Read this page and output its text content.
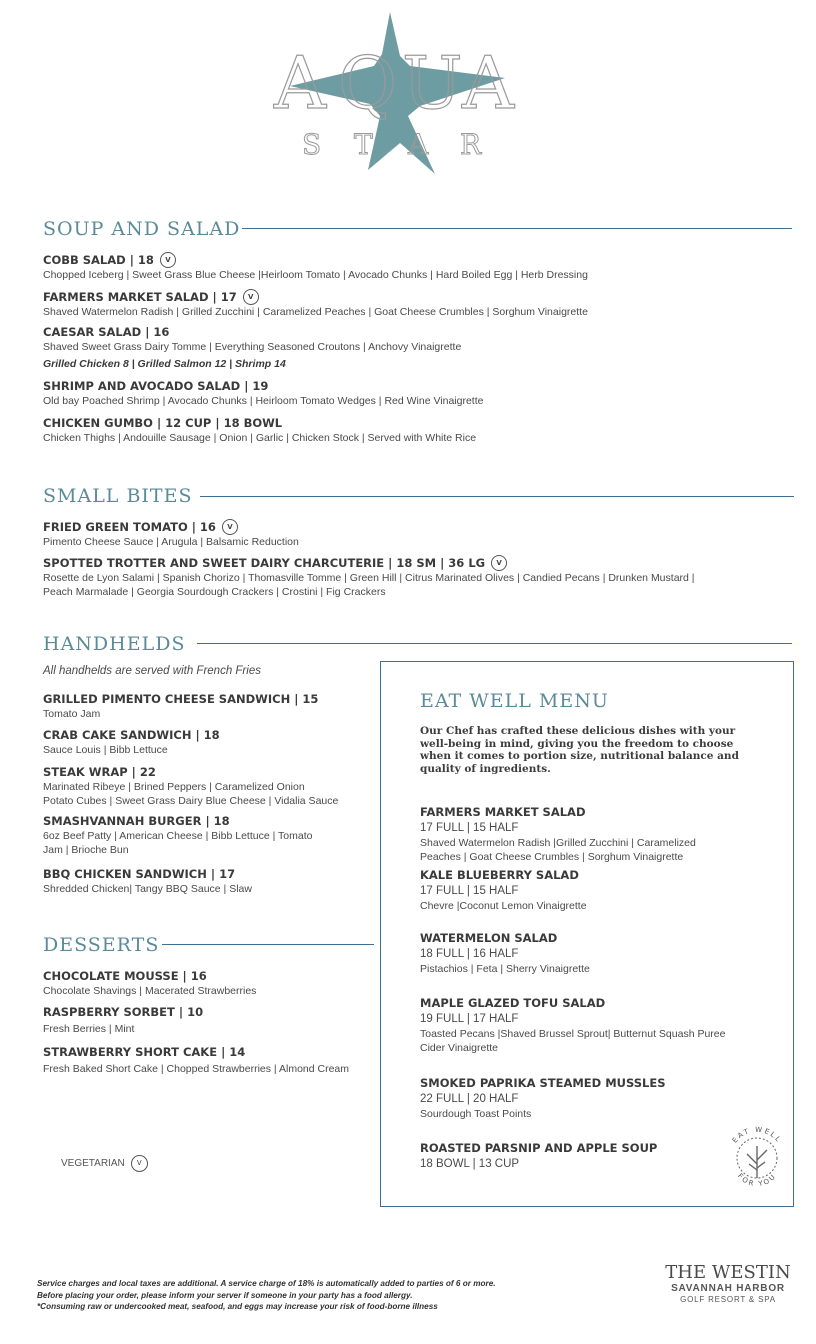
A Q U A
S T A R
SOUP AND SALAD
COBB SALAD | 18	V
Chopped Iceberg | Sweet Grass Blue Cheese |Heirloom Tomato | Avocado Chunks | Hard Boiled Egg | Herb Dressing
FARMERS MARKET SALAD | 17	V
Shaved Watermelon Radish | Grilled Zucchini | Caramelized Peaches | Goat Cheese Crumbles | Sorghum Vinaigrette
CAESAR SALAD | 16
Shaved Sweet Grass Dairy Tomme | Everything Seasoned Croutons | Anchovy Vinaigrette
Grilled Chicken 8 | Grilled Salmon 12 | Shrimp 14
SHRIMP AND AVOCADO SALAD | 19
Old bay Poached Shrimp | Avocado Chunks | Heirloom Tomato Wedges | Red Wine Vinaigrette
CHICKEN GUMBO | 12 CUP | 18 BOWL
Chicken Thighs | Andouille Sausage | Onion | Garlic | Chicken Stock | Served with White Rice
SMALL BITES
FRIED GREEN TOMATO | 16	V
Pimento Cheese Sauce | Arugula | Balsamic Reduction
SPOTTED TROTTER AND SWEET DAIRY CHARCUTERIE | 18 SM | 36 LG	V
Rosette de Lyon Salami | Spanish Chorizo | Thomasville Tomme | Green Hill | Citrus Marinated Olives | Candied Pecans | Drunken Mustard |
Peach Marmalade | Georgia Sourdough Crackers | Crostini | Fig Crackers
HANDHELDS
All handhelds are served with French Fries
GRILLED PIMENTO CHEESE SANDWICH | 15
Tomato Jam
CRAB CAKE SANDWICH | 18
Sauce Louis | Bibb Lettuce
STEAK WRAP | 22
Marinated Ribeye | Brined Peppers | Caramelized Onion
Potato Cubes | Sweet Grass Dairy Blue Cheese | Vidalia Sauce
SMASHVANNAH BURGER | 18
6oz Beef Patty | American Cheese | Bibb Lettuce | Tomato
Jam | Brioche Bun
BBQ CHICKEN SANDWICH | 17
Shredded Chicken| Tangy BBQ Sauce | Slaw
DESSERTS
CHOCOLATE MOUSSE | 16
Chocolate Shavings | Macerated Strawberries
RASPBERRY SORBET | 10
Fresh Berries | Mint
STRAWBERRY SHORT CAKE | 14
Fresh Baked Short Cake | Chopped Strawberries | Almond Cream
VEGETARIAN	V
EAT WELL MENU
Our Chef has crafted these delicious dishes with your well-being in mind, giving you the freedom to choose when it comes to portion size, nutritional balance and quality of ingredients.
FARMERS MARKET SALAD
17 FULL | 15 HALF
Shaved Watermelon Radish |Grilled Zucchini | Caramelized
Peaches | Goat Cheese Crumbles | Sorghum Vinaigrette
KALE BLUEBERRY SALAD
17 FULL | 15 HALF
Chevre |Coconut Lemon Vinaigrette
WATERMELON SALAD
18 FULL | 16 HALF
Pistachios | Feta | Sherry Vinaigrette
MAPLE GLAZED TOFU SALAD
19 FULL | 17 HALF
Toasted Pecans |Shaved Brussel Sprout| Butternut Squash Puree
Cider Vinaigrette
SMOKED PAPRIKA STEAMED MUSSLES
22 FULL | 20 HALF
Sourdough Toast Points
ROASTED PARSNIP AND APPLE SOUP
18 BOWL | 13 CUP
EAT WELL
FOR YOU
Service charges and local taxes are additional. A service charge of 18% is automatically added to parties of 6 or more.
Before placing your order, please inform your server if someone in your party has a food allergy.
*Consuming raw or undercooked meat, seafood, and eggs may increase your risk of food-borne illness
THE WESTIN
SAVANNAH HARBOR
GOLF RESORT & SPA
